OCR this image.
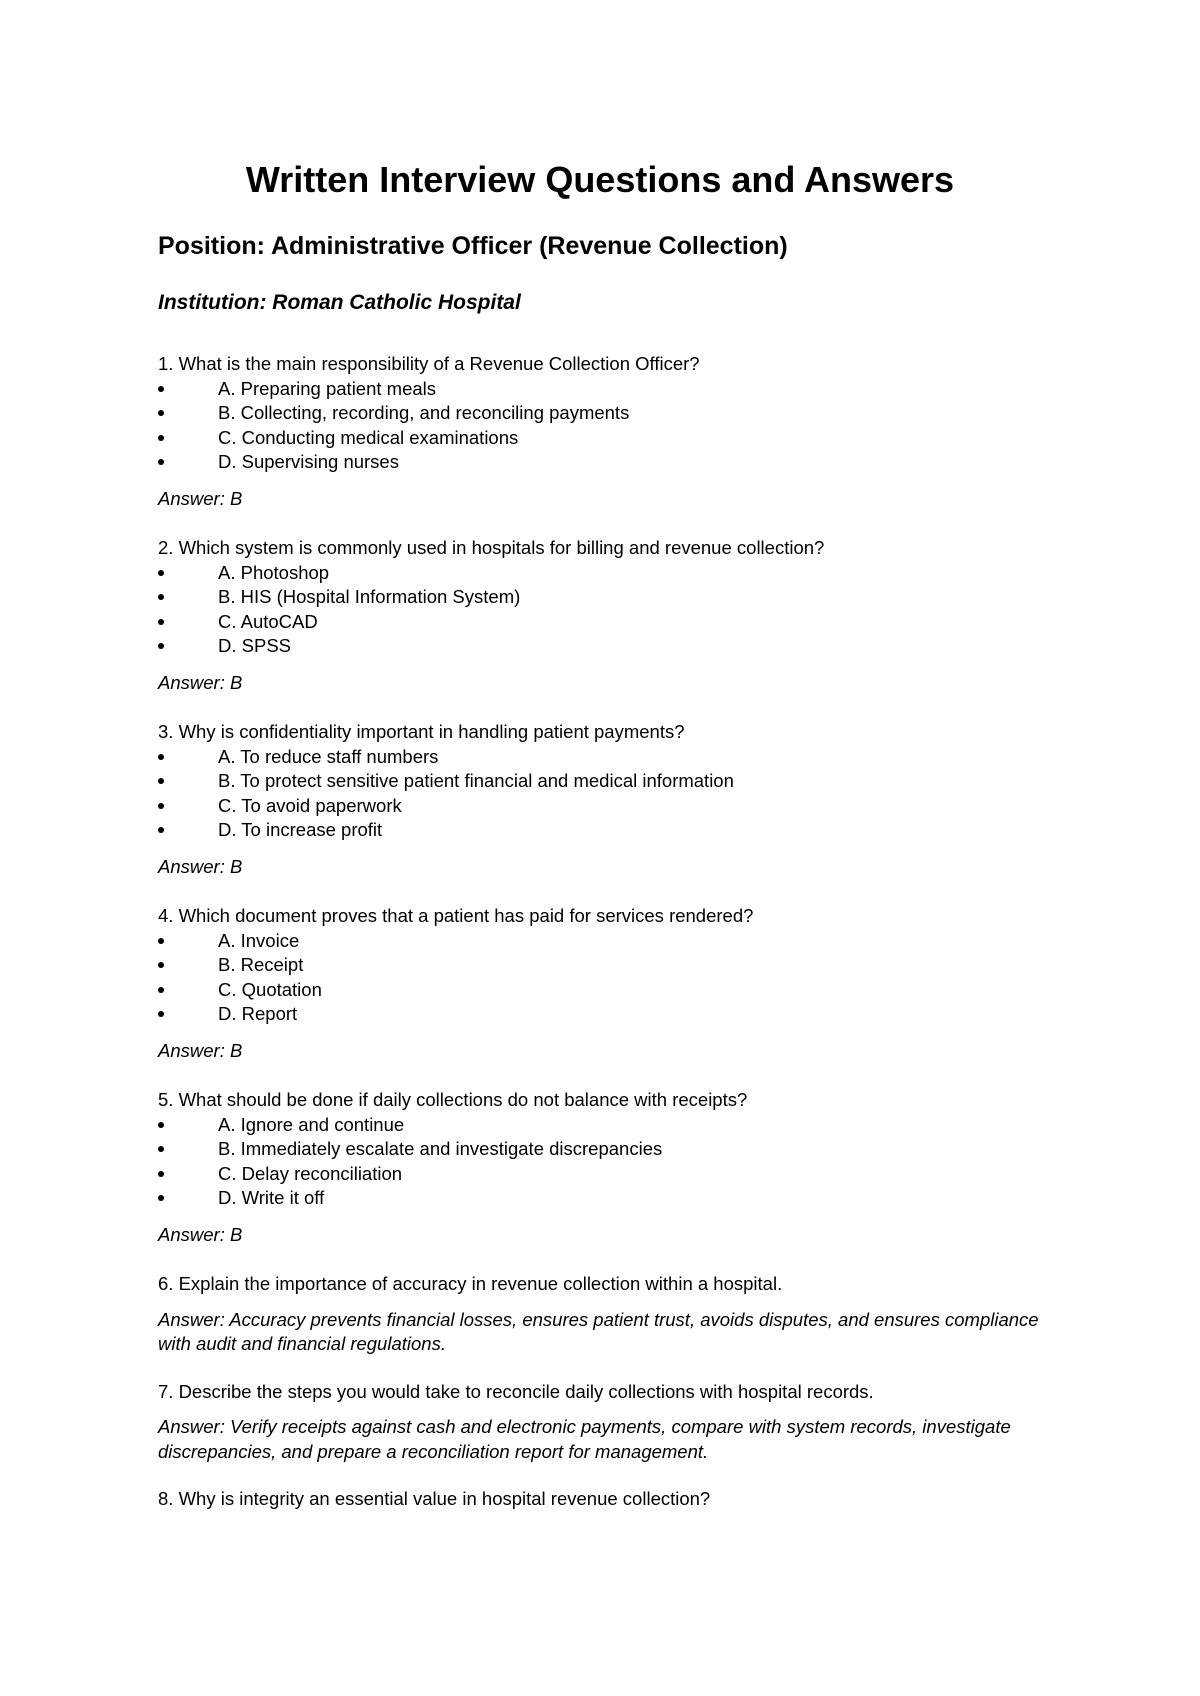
Written Interview Questions and Answers
Position: Administrative Officer (Revenue Collection)
Institution: Roman Catholic Hospital

1. What is the main responsibility of a Revenue Collection Officer?

A. Preparing patient meals
B. Collecting, recording, and reconciling payments
C. Conducting medical examinations
D. Supervising nurses

Answer: B

2. Which system is commonly used in hospitals for billing and revenue collection?

A. Photoshop
B. HIS (Hospital Information System)
C. AutoCAD
D. SPSS

Answer: B

3. Why is confidentiality important in handling patient payments?

A. To reduce staff numbers
B. To protect sensitive patient financial and medical information
C. To avoid paperwork
D. To increase profit

Answer: B

4. Which document proves that a patient has paid for services rendered?

A. Invoice
B. Receipt
C. Quotation
D. Report

Answer: B

5. What should be done if daily collections do not balance with receipts?

A. Ignore and continue
B. Immediately escalate and investigate discrepancies
C. Delay reconciliation
D. Write it off

Answer: B

6. Explain the importance of accuracy in revenue collection within a hospital.

Answer: Accuracy prevents financial losses, ensures patient trust, avoids disputes, and ensures compliance with audit and financial regulations.

7. Describe the steps you would take to reconcile daily collections with hospital records.

Answer: Verify receipts against cash and electronic payments, compare with system records, investigate discrepancies, and prepare a reconciliation report for management.

8. Why is integrity an essential value in hospital revenue collection?
